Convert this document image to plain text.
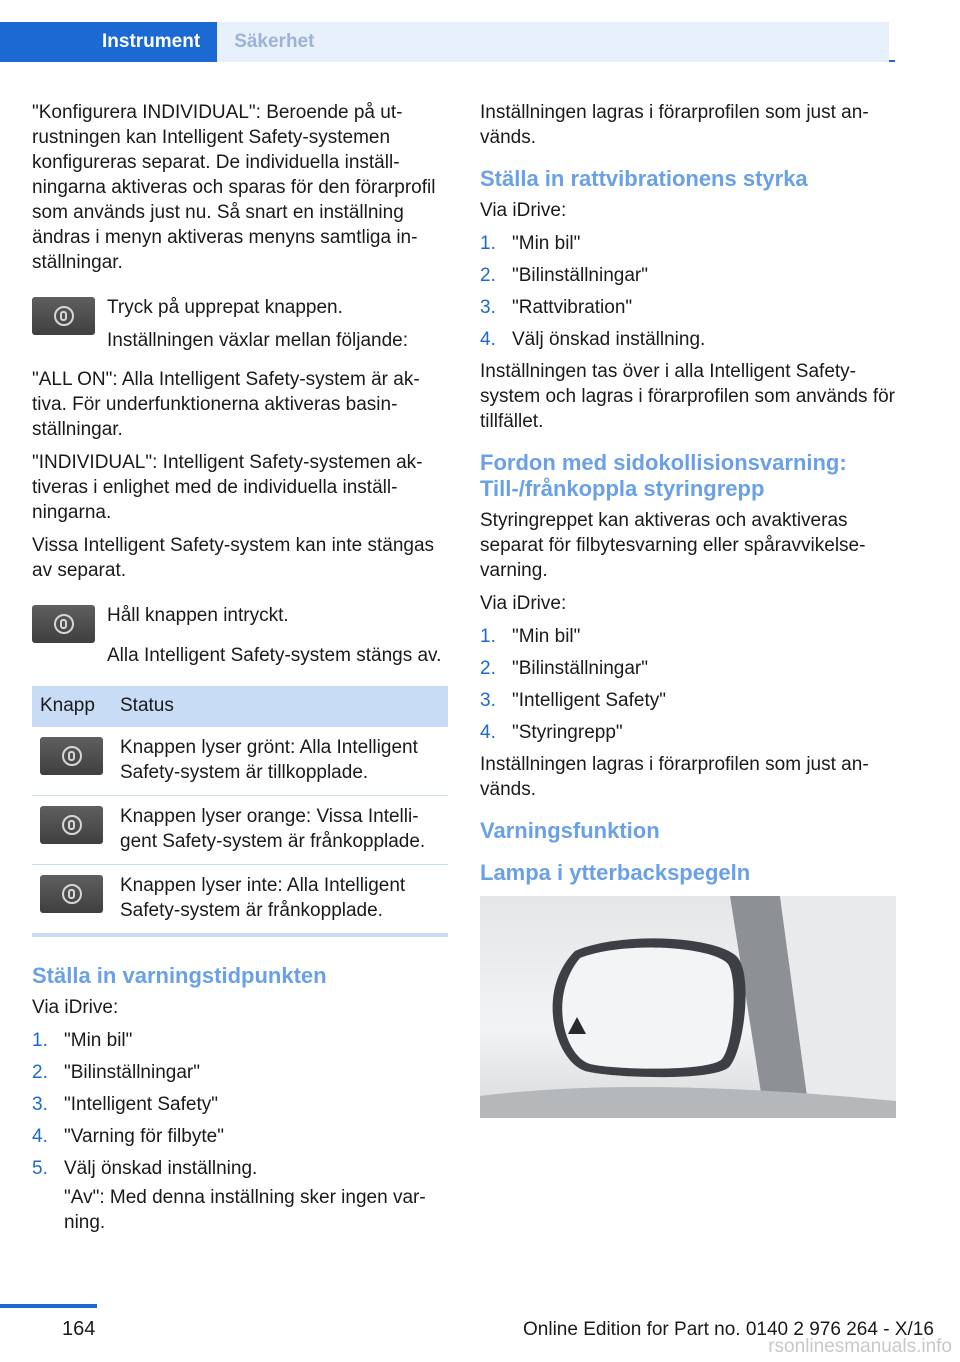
Instrument	Säkerhet

"Konfigurera INDIVIDUAL": Beroende på utrustningen kan Intelligent Safety-systemen konfigureras separat. De individuella inställningarna aktiveras och sparas för den förarprofil som används just nu. Så snart en inställning ändras i menyn aktiveras menyns samtliga inställningar.

Tryck på upprepat knappen.

Inställningen växlar mellan följande:

"ALL ON": Alla Intelligent Safety-system är aktiva. För underfunktionerna aktiveras basinställningar.

"INDIVIDUAL": Intelligent Safety-systemen aktiveras i enlighet med de individuella inställningarna.

Vissa Intelligent Safety-system kan inte stängas av separat.

Håll knappen intryckt.

Alla Intelligent Safety-system stängs av.

Knapp	Status

	Knappen lyser grönt: Alla Intelligent Safety-system är tillkopplade.

	Knappen lyser orange: Vissa Intelligent Safety-system är frånkopplade.

	Knappen lyser inte: Alla Intelligent Safety-system är frånkopplade.
Ställa in varningstidpunkten

Via iDrive:

1. "Min bil"
2. "Bilinställningar"
3. "Intelligent Safety"
4. "Varning för filbyte"
5. Välj önskad inställning.

"Av": Med denna inställning sker ingen varning.

Inställningen lagras i förarprofilen som just används.

Ställa in rattvibrationens styrka

Via iDrive:

1. "Min bil"
2. "Bilinställningar"
3. "Rattvibration"
4. Välj önskad inställning.

Inställningen tas över i alla Intelligent Safety-system och lagras i förarprofilen som används för tillfället.

Fordon med sidokollisionsvarning: Till-/frånkoppla styringrepp

Styringreppet kan aktiveras och avaktiveras separat för filbytesvarning eller spåravvikelsevarning.

Via iDrive:

1. "Min bil"
2. "Bilinställningar"
3. "Intelligent Safety"
4. "Styringrepp"

Inställningen lagras i förarprofilen som just används.

Varningsfunktion
Lampa i ytterbackspegeln
164	Online Edition for Part no. 0140 2 976 264 - X/16
rsonlinesmanuals.info
